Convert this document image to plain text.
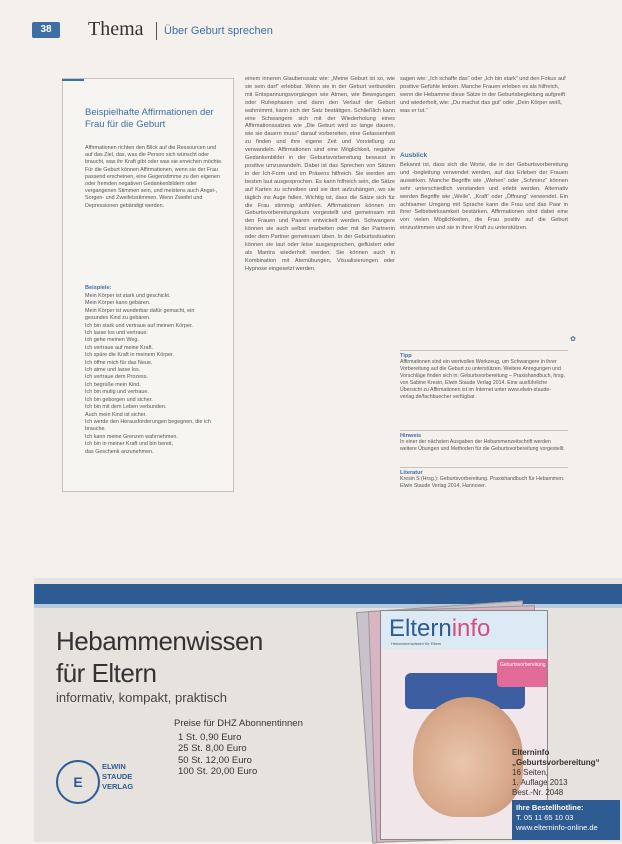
38	Thema Über Geburt sprechen
Beispielhafte Affirmationen der Frau für die Geburt
Affirmationen richten den Blick auf die Ressourcen und auf das Ziel, das, was die Person sich wünscht oder braucht, was ihr Kraft gibt oder was sie erreichen möchte. Für die Geburt können Affirmationen, wenn sie der Frau passend erscheinen, eine Gegenstimme zu den eigenen oder fremden negativen Gedankenbildern oder vergangenen Stimmen sein, und meistens auch Angst-, Sorgen- und Zweifelsstimmen. Wenn Zweifel und Depressionen gebändigt werden.
Beispiele:
Mein Körper ist stark und geschickt.
Mein Körper kann gebären.
Mein Körper ist wunderbar dafür gemacht, ein
gesundes Kind zu gebären.
Ich bin stark und vertraue auf meinen Körper.
Ich lasse los und vertraue.
Ich gehe meinen Weg.
Ich vertraue auf meine Kraft.
Ich spüre die Kraft in meinem Körper.
Ich öffne mich für das Neue.
Ich atme und lasse los.
Ich vertraue dem Prozess.
Ich begrüße mein Kind.
Ich bin mutig und vertraue.
Ich bin geborgen und sicher.
Ich bin mit dem Leben verbunden.
Auch mein Kind ist sicher.
Ich werde den Herausforderungen begegnen, die ich brauche.
Ich kann meine Grenzen wahrnehmen.
Ich bin in meiner Kraft und bin bereit,
das Geschenk anzunehmen.

einem inneren Glaubenssatz wie: „Meine Geburt ist so, wie sie sein darf“ erlebbar. Wenn sie in der Geburt verbunden mit Entspannungsvorgängen wie Atmen, wie Bewegungen oder Ruhephasen und dann den Verlauf der Geburt wahrnimmt, kann sich der Satz bestätigen. Schließlich kann eine Schwangere sich mit der Wiederholung eines Affirmationssatzes wie „Die Geburt wird so lange dauern, wie sie dauern muss“ darauf vorbereiten, eine Gelassenheit zu finden und ihre eigene Zeit und Vorstellung zu verwandeln. Affirmationen sind eine Möglichkeit, negative Gedankenbilder in der Geburtsvorbereitung bewusst in positive umzuwandeln. Dabei ist das Sprechen von Sätzen in der Ich-Form und im Präsens hilfreich. Sie werden am besten laut ausgesprochen. Es kann hilfreich sein, die Sätze auf Karten zu schreiben und sie dort aufzuhängen, wo sie täglich ins Auge fallen. Wichtig ist, dass die Sätze sich für die Frau stimmig anfühlen. Affirmationen können im Geburtsvorbereitungskurs vorgestellt und gemeinsam mit den Frauen und Paaren entwickelt werden. Schwangere können sie auch selbst erarbeiten oder mit der Partnerin oder dem Partner gemeinsam üben. In der Geburtssituation können sie laut oder leise ausgesprochen, geflüstert oder als Mantra wiederholt werden. Sie können auch in Kombination mit Atemübungen, Visualisierungen oder Hypnose eingesetzt werden.

sagen wie: „Ich schaffe das“ oder „Ich bin stark“ und den Fokus auf positive Gefühle lenken. Manche Frauen erleben es als hilfreich, wenn die Hebamme diese Sätze in der Geburtsbegleitung aufgreift und wiederholt, wie: „Du machst das gut“ oder „Dein Körper weiß, was er tut.“
Ausblick
Bekannt ist, dass sich die Worte, die in der Geburtsvorbereitung und -begleitung verwendet werden, auf das Erleben der Frauen auswirken. Manche Begriffe wie „Wehen“ oder „Schmerz“ können sehr unterschiedlich verstanden und erlebt werden. Alternativ werden Begriffe wie „Welle“, „Kraft“ oder „Öffnung“ verwendet. Ein achtsamer Umgang mit Sprache kann die Frau und das Paar in ihrer Selbstwirksamkeit bestärken. Affirmationen sind dabei eine von vielen Möglichkeiten, die Frau positiv auf die Geburt einzustimmen und sie in ihrer Kraft zu unterstützen.
✿
Tipp
Affirmationen sind ein wertvolles Werkzeug, um Schwangere in ihrer Vorbereitung auf die Geburt zu unterstützen. Weitere Anregungen und Vorschläge finden sich in: Geburtsvorbereitung – Praxishandbuch, hrsg. von Sabine Kresin, Elwin Staude Verlag 2014. Eine ausführliche Übersicht zu Affirmationen ist im Internet unter www.elwin-staude-verlag.de/fachbuecher verfügbar.
Hinweis
In einer der nächsten Ausgaben der Hebammenzeitschrift werden weitere Übungen und Methoden für die Geburtsvorbereitung vorgestellt.
Literatur
Kresin S (Hrsg.): Geburtsvorbereitung. Praxishandbuch für Hebammen. Elwin Staude Verlag 2014, Hannover.
Hebammenwissen
für Eltern
informativ, kompakt, praktisch
Preise für DHZ Abonnentinnen
1 St. 0,90 Euro
25 St. 8,00 Euro
50 St. 12,00 Euro
100 St. 20,00 Euro
E
ELWIN
STAUDE
VERLAG
Elterninfo
Hebammenwissen für Eltern
Geburtsvorbereitung
Elterninfo
„Geburtsvorbereitung“
16 Seiten,
1. Auflage 2013
Best.-Nr. 2048
Ihre Bestellhotline:
T. 05 11 65 10 03
www.elterninfo-online.de
